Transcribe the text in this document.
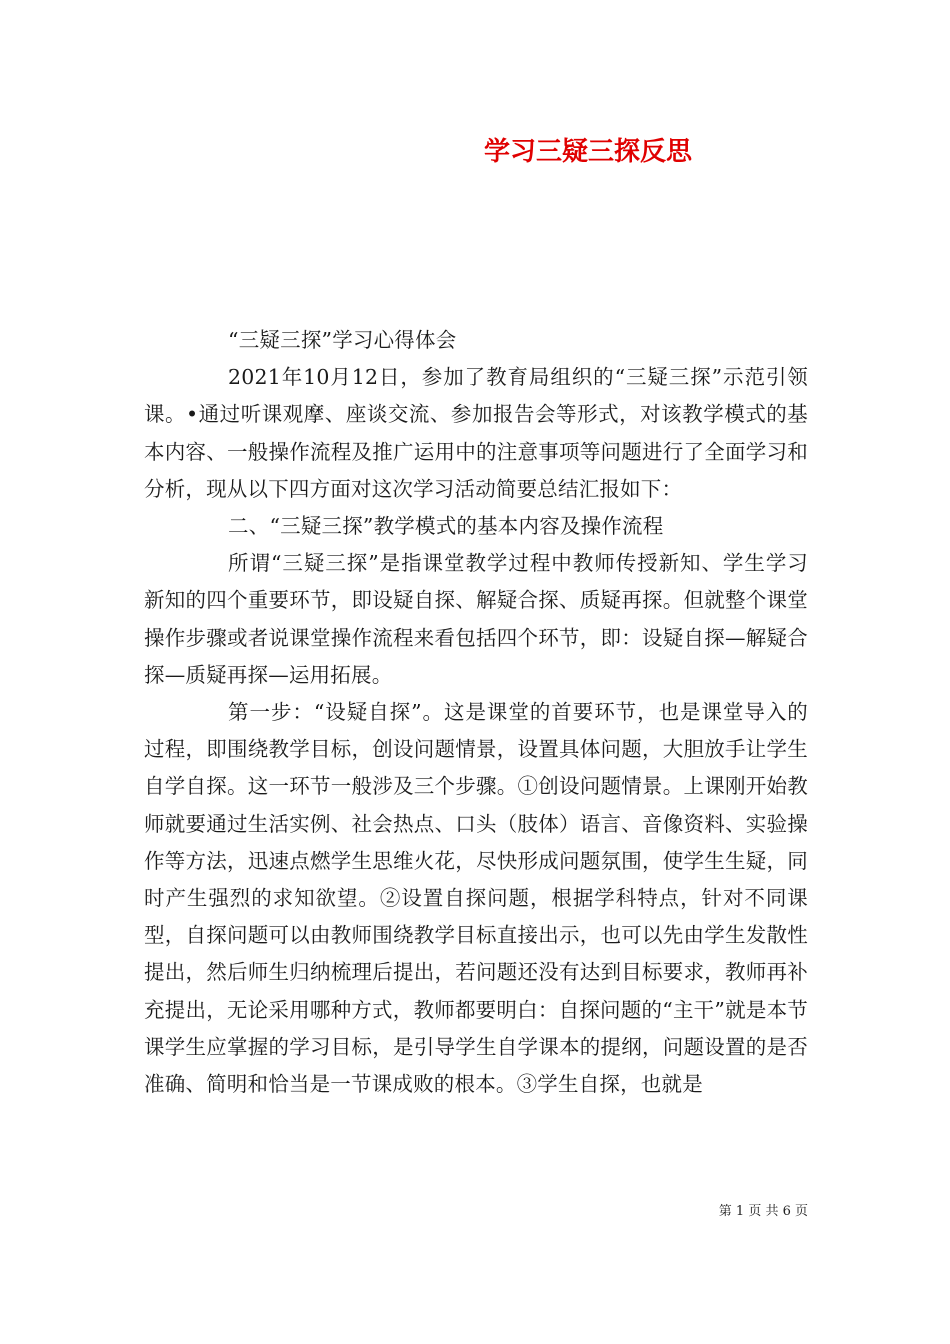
学习三疑三探反思

“三疑三探”学习心得体会

2021年10月12日，参加了教育局组织的“三疑三探”示范引领课。•通过听课观摩、座谈交流、参加报告会等形式，对该教学模式的基本内容、一般操作流程及推广运用中的注意事项等问题进行了全面学习和分析，现从以下四方面对这次学习活动简要总结汇报如下：

二、“三疑三探”教学模式的基本内容及操作流程

所谓“三疑三探”是指课堂教学过程中教师传授新知、学生学习新知的四个重要环节，即设疑自探、解疑合探、质疑再探。但就整个课堂操作步骤或者说课堂操作流程来看包括四个环节，即：设疑自探—解疑合探—质疑再探—运用拓展。

第一步：“设疑自探”。这是课堂的首要环节，也是课堂导入的过程，即围绕教学目标，创设问题情景，设置具体问题，大胆放手让学生自学自探。这一环节一般涉及三个步骤。①创设问题情景。上课刚开始教师就要通过生活实例、社会热点、口头（肢体）语言、音像资料、实验操作等方法，迅速点燃学生思维火花，尽快形成问题氛围，使学生生疑，同时产生强烈的求知欲望。②设置自探问题，根据学科特点，针对不同课型，自探问题可以由教师围绕教学目标直接出示，也可以先由学生发散性提出，然后师生归纳梳理后提出，若问题还没有达到目标要求，教师再补充提出，无论采用哪种方式，教师都要明白：自探问题的“主干”就是本节课学生应掌握的学习目标，是引导学生自学课本的提纲，问题设置的是否准确、简明和恰当是一节课成败的根本。③学生自探，也就是

第 1 页 共 6 页
